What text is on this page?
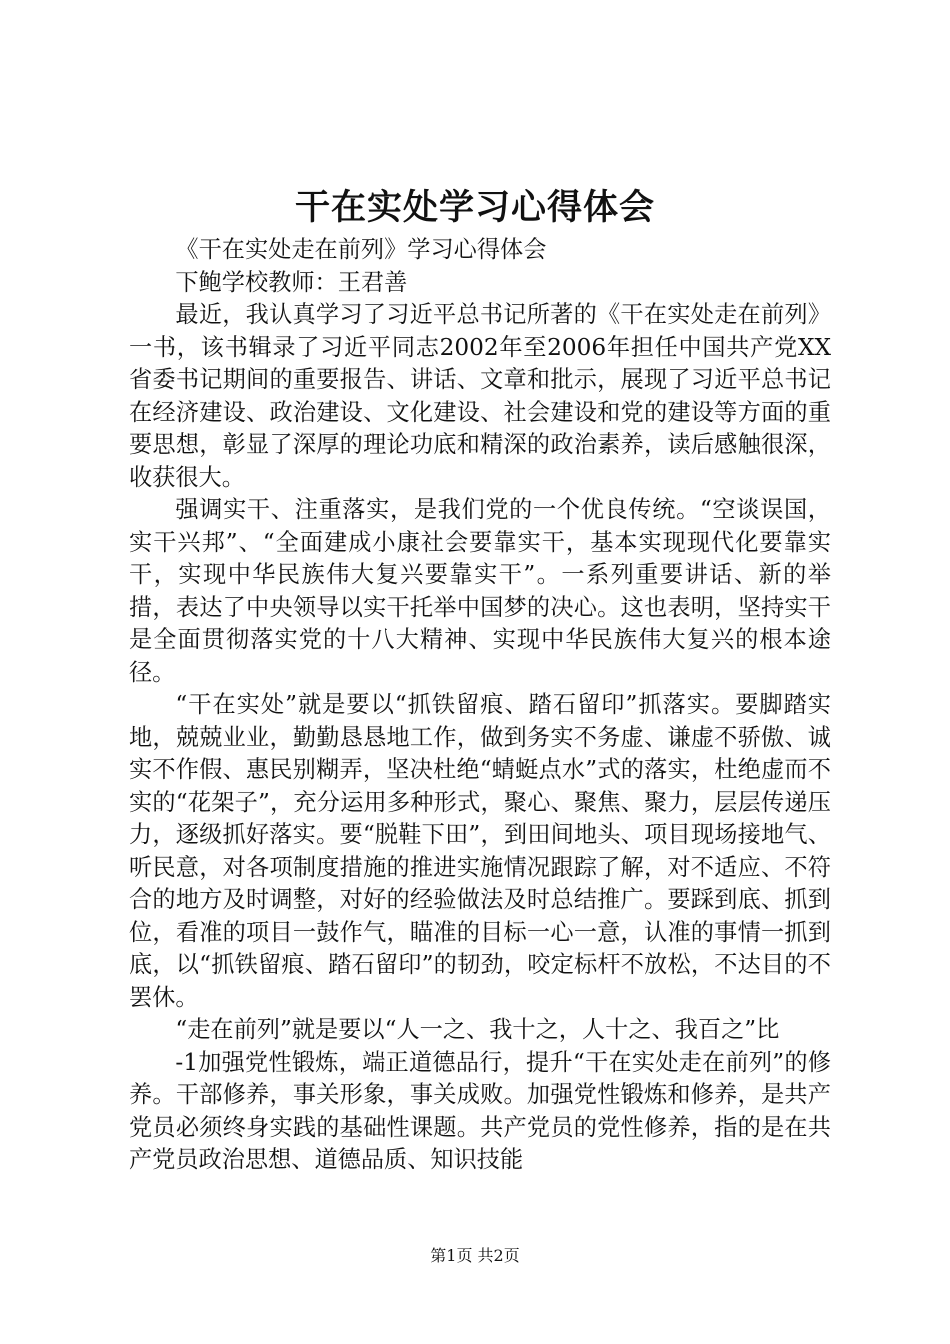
干在实处学习心得体会

《干在实处走在前列》学习心得体会

下鲍学校教师：王君善

最近，我认真学习了习近平总书记所著的《干在实处走在前列》一书，该书辑录了习近平同志2002年至2006年担任中国共产党XX省委书记期间的重要报告、讲话、文章和批示，展现了习近平总书记在经济建设、政治建设、文化建设、社会建设和党的建设等方面的重要思想，彰显了深厚的理论功底和精深的政治素养，读后感触很深，收获很大。

强调实干、注重落实，是我们党的一个优良传统。“空谈误国，实干兴邦”、“全面建成小康社会要靠实干，基本实现现代化要靠实干，实现中华民族伟大复兴要靠实干”。一系列重要讲话、新的举措，表达了中央领导以实干托举中国梦的决心。这也表明，坚持实干是全面贯彻落实党的十八大精神、实现中华民族伟大复兴的根本途径。

“干在实处”就是要以“抓铁留痕、踏石留印”抓落实。要脚踏实地，兢兢业业，勤勤恳恳地工作，做到务实不务虚、谦虚不骄傲、诚实不作假、惠民别糊弄，坚决杜绝“蜻蜓点水”式的落实，杜绝虚而不实的“花架子”，充分运用多种形式，聚心、聚焦、聚力，层层传递压力，逐级抓好落实。要“脱鞋下田”，到田间地头、项目现场接地气、听民意，对各项制度措施的推进实施情况跟踪了解，对不适应、不符合的地方及时调整，对好的经验做法及时总结推广。要踩到底、抓到位，看准的项目一鼓作气，瞄准的目标一心一意，认准的事情一抓到底，以“抓铁留痕、踏石留印”的韧劲，咬定标杆不放松，不达目的不罢休。

“走在前列”就是要以“人一之、我十之，人十之、我百之”比

-1加强党性锻炼，端正道德品行，提升“干在实处走在前列”的修养。干部修养，事关形象，事关成败。加强党性锻炼和修养，是共产党员必须终身实践的基础性课题。共产党员的党性修养，指的是在共产党员政治思想、道德品质、知识技能

第1页 共2页
